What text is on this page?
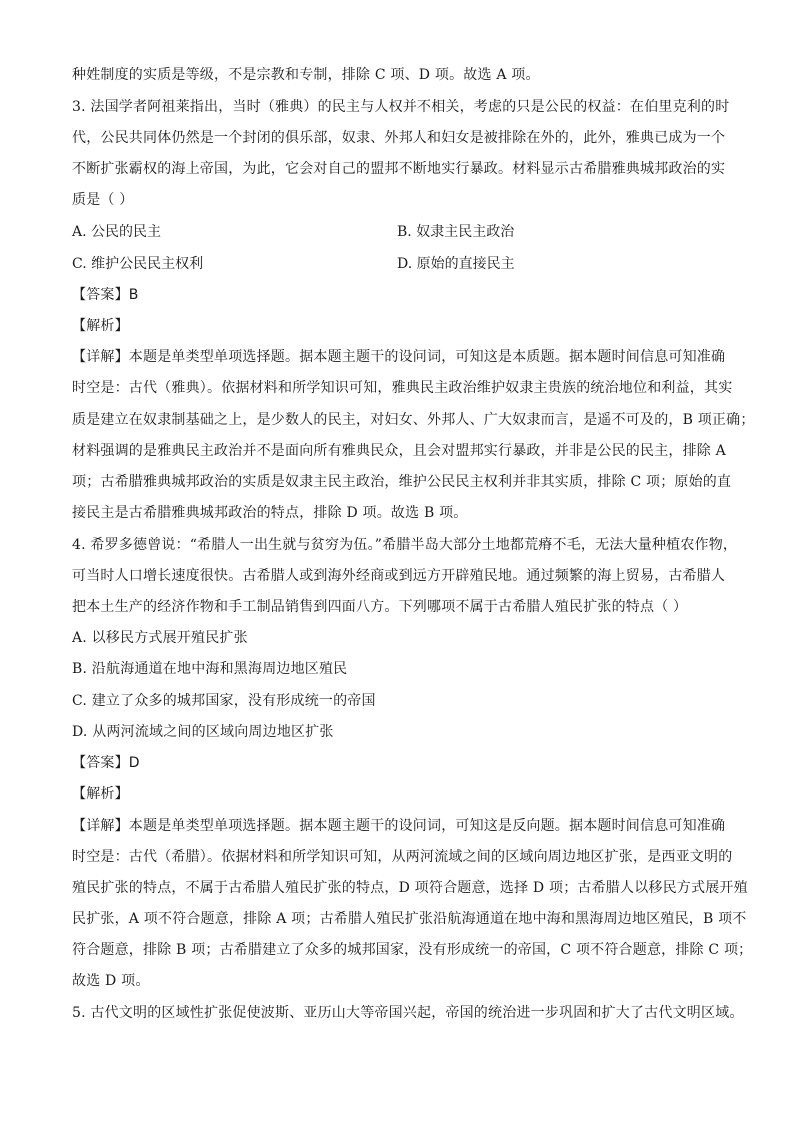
种姓制度的实质是等级，不是宗教和专制，排除 C 项、D 项。故选 A 项。
3. 法国学者阿祖莱指出，当时（雅典）的民主与人权并不相关，考虑的只是公民的权益：在伯里克利的时
代，公民共同体仍然是一个封闭的俱乐部，奴隶、外邦人和妇女是被排除在外的，此外，雅典已成为一个
不断扩张霸权的海上帝国，为此，它会对自己的盟邦不断地实行暴政。材料显示古希腊雅典城邦政治的实
质是（ ）
A. 公民的民主	B. 奴隶主民主政治
C. 维护公民民主权利	D. 原始的直接民主
【答案】B
【解析】
【详解】本题是单类型单项选择题。据本题主题干的设问词，可知这是本质题。据本题时间信息可知准确
时空是：古代（雅典）。依据材料和所学知识可知，雅典民主政治维护奴隶主贵族的统治地位和利益，其实
质是建立在奴隶制基础之上，是少数人的民主，对妇女、外邦人、广大奴隶而言，是遥不可及的，B 项正确；
材料强调的是雅典民主政治并不是面向所有雅典民众，且会对盟邦实行暴政，并非是公民的民主，排除 A
项；古希腊雅典城邦政治的实质是奴隶主民主政治，维护公民民主权利并非其实质，排除 C 项；原始的直
接民主是古希腊雅典城邦政治的特点，排除 D 项。故选 B 项。
4. 希罗多德曾说：“希腊人一出生就与贫穷为伍。”希腊半岛大部分土地都荒瘠不毛，无法大量种植农作物，
可当时人口增长速度很快。古希腊人或到海外经商或到远方开辟殖民地。通过频繁的海上贸易，古希腊人
把本土生产的经济作物和手工制品销售到四面八方。下列哪项不属于古希腊人殖民扩张的特点（ ）
A. 以移民方式展开殖民扩张
B. 沿航海通道在地中海和黑海周边地区殖民
C. 建立了众多的城邦国家，没有形成统一的帝国
D. 从两河流域之间的区域向周边地区扩张
【答案】D
【解析】
【详解】本题是单类型单项选择题。据本题主题干的设问词，可知这是反向题。据本题时间信息可知准确
时空是：古代（希腊）。依据材料和所学知识可知，从两河流域之间的区域向周边地区扩张，是西亚文明的
殖民扩张的特点，不属于古希腊人殖民扩张的特点，D 项符合题意，选择 D 项；古希腊人以移民方式展开殖
民扩张，A 项不符合题意，排除 A 项；古希腊人殖民扩张沿航海通道在地中海和黑海周边地区殖民，B 项不
符合题意，排除 B 项；古希腊建立了众多的城邦国家，没有形成统一的帝国，C 项不符合题意，排除 C 项；
故选 D 项。
5. 古代文明的区域性扩张促使波斯、亚历山大等帝国兴起，帝国的统治进一步巩固和扩大了古代文明区域。
